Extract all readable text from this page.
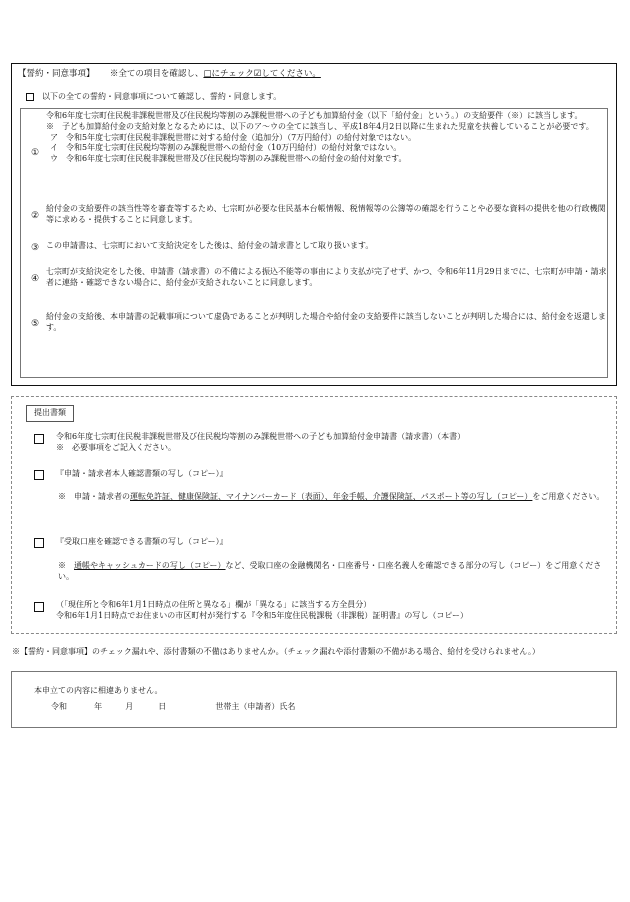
【誓約・同意事項】 ※全ての項目を確認し、□にチェック☑してください。
以下の全ての誓約・同意事項について確認し、誓約・同意します。
①
令和6年度七宗町住民税非課税世帯及び住民税均等割のみ課税世帯への子ども加算給付金（以下「給付金」という。）の支給要件（※）に該当します。
※　子ども加算給付金の支給対象となるためには、以下のア～ウの全てに該当し、平成18年4月2日以降に生まれた児童を扶養していることが必要です。
ア　令和5年度七宗町住民税非課税世帯に対する給付金（追加分）（7万円給付）の給付対象ではない。
イ　令和5年度七宗町住民税均等割のみ課税世帯への給付金（10万円給付）の給付対象ではない。
ウ　令和6年度七宗町住民税非課税世帯及び住民税均等割のみ課税世帯への給付金の給付対象です。
②
給付金の支給要件の該当性等を審査等するため、七宗町が必要な住民基本台帳情報、税情報等の公簿等の確認を行うことや必要な資料の提供を他の行政機関等に求める・提供することに同意します。
③ この申請書は、七宗町において支給決定をした後は、給付金の請求書として取り扱います。
④
七宗町が支給決定をした後、申請書（請求書）の不備による振込不能等の事由により支払が完了せず、かつ、令和6年11月29日までに、七宗町が申請・請求者に連絡・確認できない場合に、給付金が支給されないことに同意します。
⑤
給付金の支給後、本申請書の記載事項について虚偽であることが判明した場合や給付金の支給要件に該当しないことが判明した場合には、給付金を返還します。
提出書類
令和6年度七宗町住民税非課税世帯及び住民税均等割のみ課税世帯への子ども加算給付金申請書（請求書）（本書）
※　必要事項をご記入ください。
『申請・請求者本人確認書類の写し（コピー）』
※　申請・請求者の運転免許証、健康保険証、マイナンバーカード（表面）、年金手帳、介護保険証、パスポート等の写し（コピー）をご用意ください。
『受取口座を確認できる書類の写し（コピー）』
※　通帳やキャッシュカードの写し（コピー）など、受取口座の金融機関名・口座番号・口座名義人を確認できる部分の写し（コピー）をご用意ください。
（「現住所と令和6年1月1日時点の住所と異なる」欄が「異なる」に該当する方全員分）
令和6年1月1日時点でお住まいの市区町村が発行する『令和5年度住民税課税（非課税）証明書』の写し（コピー）
※【誓約・同意事項】のチェック漏れや、添付書類の不備はありませんか。（チェック漏れや添付書類の不備がある場合、給付を受けられません。）
本申立ての内容に相違ありません。
令和	年	月	日	世帯主（申請者）氏名
